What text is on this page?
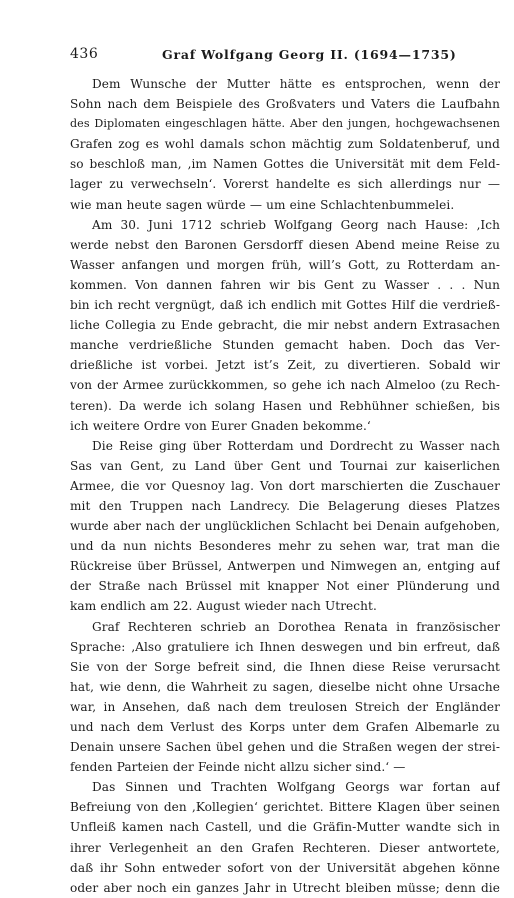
436	Graf Wolfgang Georg II. (1694—1735)
Dem Wunsche der Mutter hätte es entsprochen, wenn der
Sohn nach dem Beispiele des Großvaters und Vaters die Laufbahn
des Diplomaten eingeschlagen hätte. Aber den jungen, hochgewachsenen
Grafen zog es wohl damals schon mächtig zum Soldatenberuf, und
so beschloß man, ‚im Namen Gottes die Universität mit dem Feld-
lager zu verwechseln‘. Vorerst handelte es sich allerdings nur —
wie man heute sagen würde — um eine Schlachtenbummelei.
Am 30. Juni 1712 schrieb Wolfgang Georg nach Hause: ‚Ich
werde nebst den Baronen Gersdorff diesen Abend meine Reise zu
Wasser anfangen und morgen früh, will’s Gott, zu Rotterdam an-
kommen. Von dannen fahren wir bis Gent zu Wasser . . . Nun
bin ich recht vergnügt, daß ich endlich mit Gottes Hilf die verdrieß-
liche Collegia zu Ende gebracht, die mir nebst andern Extrasachen
manche verdrießliche Stunden gemacht haben. Doch das Ver-
drießliche ist vorbei. Jetzt ist’s Zeit, zu divertieren. Sobald wir
von der Armee zurückkommen, so gehe ich nach Almeloo (zu Rech-
teren). Da werde ich solang Hasen und Rebhühner schießen, bis
ich weitere Ordre von Eurer Gnaden bekomme.‘
Die Reise ging über Rotterdam und Dordrecht zu Wasser nach
Sas van Gent, zu Land über Gent und Tournai zur kaiserlichen
Armee, die vor Quesnoy lag. Von dort marschierten die Zuschauer
mit den Truppen nach Landrecy. Die Belagerung dieses Platzes
wurde aber nach der unglücklichen Schlacht bei Denain aufgehoben,
und da nun nichts Besonderes mehr zu sehen war, trat man die
Rückreise über Brüssel, Antwerpen und Nimwegen an, entging auf
der Straße nach Brüssel mit knapper Not einer Plünderung und
kam endlich am 22. August wieder nach Utrecht.
Graf Rechteren schrieb an Dorothea Renata in französischer
Sprache: ‚Also gratuliere ich Ihnen deswegen und bin erfreut, daß
Sie von der Sorge befreit sind, die Ihnen diese Reise verursacht
hat, wie denn, die Wahrheit zu sagen, dieselbe nicht ohne Ursache
war, in Ansehen, daß nach dem treulosen Streich der Engländer
und nach dem Verlust des Korps unter dem Grafen Albemarle zu
Denain unsere Sachen übel gehen und die Straßen wegen der strei-
fenden Parteien der Feinde nicht allzu sicher sind.‘ —
Das Sinnen und Trachten Wolfgang Georgs war fortan auf
Befreiung von den ‚Kollegien‘ gerichtet. Bittere Klagen über seinen
Unfleiß kamen nach Castell, und die Gräfin-Mutter wandte sich in
ihrer Verlegenheit an den Grafen Rechteren. Dieser antwortete,
daß ihr Sohn entweder sofort von der Universität abgehen könne
oder aber noch ein ganzes Jahr in Utrecht bleiben müsse; denn die
